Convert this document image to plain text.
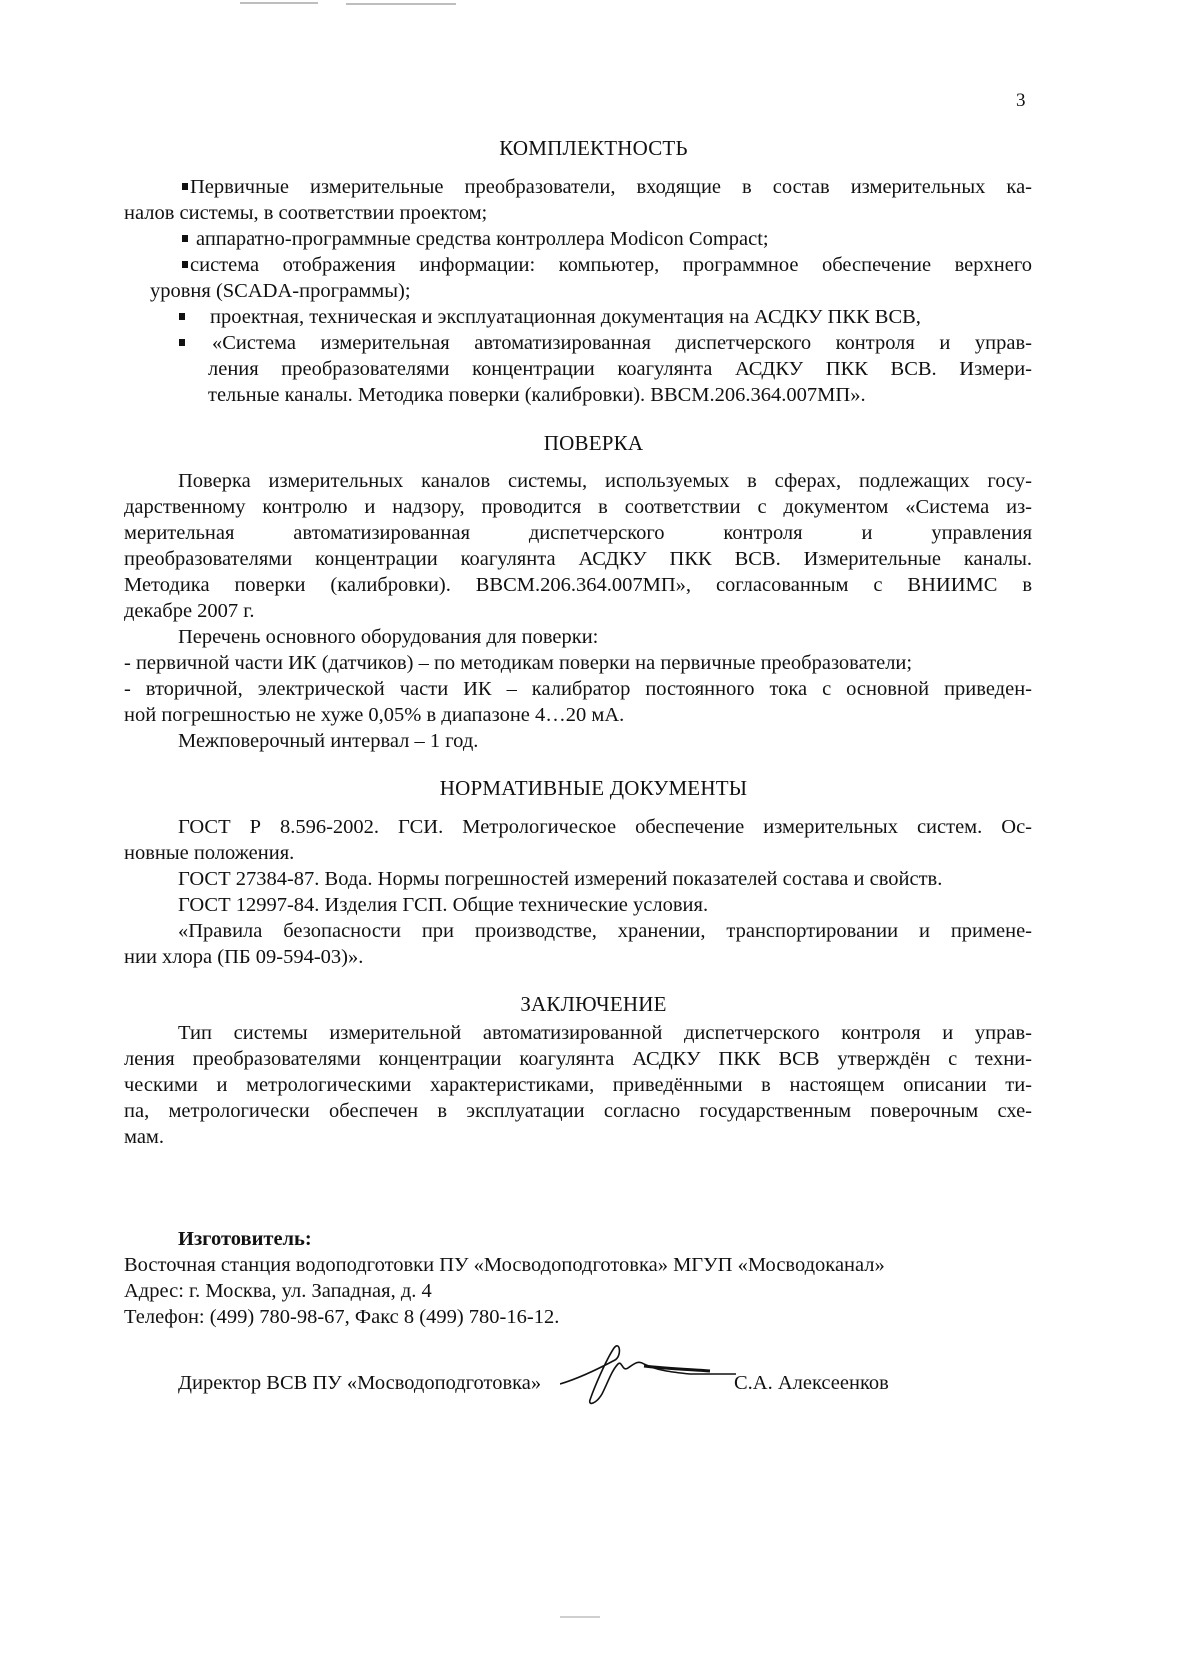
3
КОМПЛЕКТНОСТЬ
Первичные измерительные преобразователи, входящие в состав измерительных ка-
налов системы, в соответствии проектом;
аппаратно-программные средства контроллера Modicon Compact;
система отображения информации: компьютер, программное обеспечение верхнего
уровня (SCADA-программы);
проектная, техническая и эксплуатационная документация на АСДКУ ПКК ВСВ,
«Система измерительная автоматизированная диспетчерского контроля и управ-
ления преобразователями концентрации коагулянта АСДКУ ПКК ВСВ. Измери-
тельные каналы. Методика поверки (калибровки). ВВСМ.206.364.007МП».
ПОВЕРКА
Поверка измерительных каналов системы, используемых в сферах, подлежащих госу-
дарственному контролю и надзору, проводится в соответствии с документом «Система из-
мерительная автоматизированная диспетчерского контроля и управления
преобразователями концентрации коагулянта АСДКУ ПКК ВСВ. Измерительные каналы.
Методика поверки (калибровки). ВВСМ.206.364.007МП», согласованным с ВНИИМС в
декабре 2007 г.
Перечень основного оборудования для поверки:
- первичной части ИК (датчиков) – по методикам поверки на первичные преобразователи;
- вторичной, электрической части ИК – калибратор постоянного тока с основной приведен-
ной погрешностью не хуже 0,05% в диапазоне 4…20 мА.
Межповерочный интервал – 1 год.
НОРМАТИВНЫЕ ДОКУМЕНТЫ
ГОСТ Р 8.596-2002. ГСИ. Метрологическое обеспечение измерительных систем. Ос-
новные положения.
ГОСТ 27384-87. Вода. Нормы погрешностей измерений показателей состава и свойств.
ГОСТ 12997-84. Изделия ГСП. Общие технические условия.
«Правила безопасности при производстве, хранении, транспортировании и примене-
нии хлора (ПБ 09-594-03)».
ЗАКЛЮЧЕНИЕ
Тип системы измерительной автоматизированной диспетчерского контроля и управ-
ления преобразователями концентрации коагулянта АСДКУ ПКК ВСВ утверждён с техни-
ческими и метрологическими характеристиками, приведёнными в настоящем описании ти-
па, метрологически обеспечен в эксплуатации согласно государственным поверочным схе-
мам.
Изготовитель:
Восточная станция водоподготовки ПУ «Мосводоподготовка» МГУП «Мосводоканал»
Адрес: г. Москва, ул. Западная, д. 4
Телефон: (499) 780-98-67, Факс 8 (499) 780-16-12.
Директор ВСВ ПУ «Мосводоподготовка»	С.А. Алексеенков
